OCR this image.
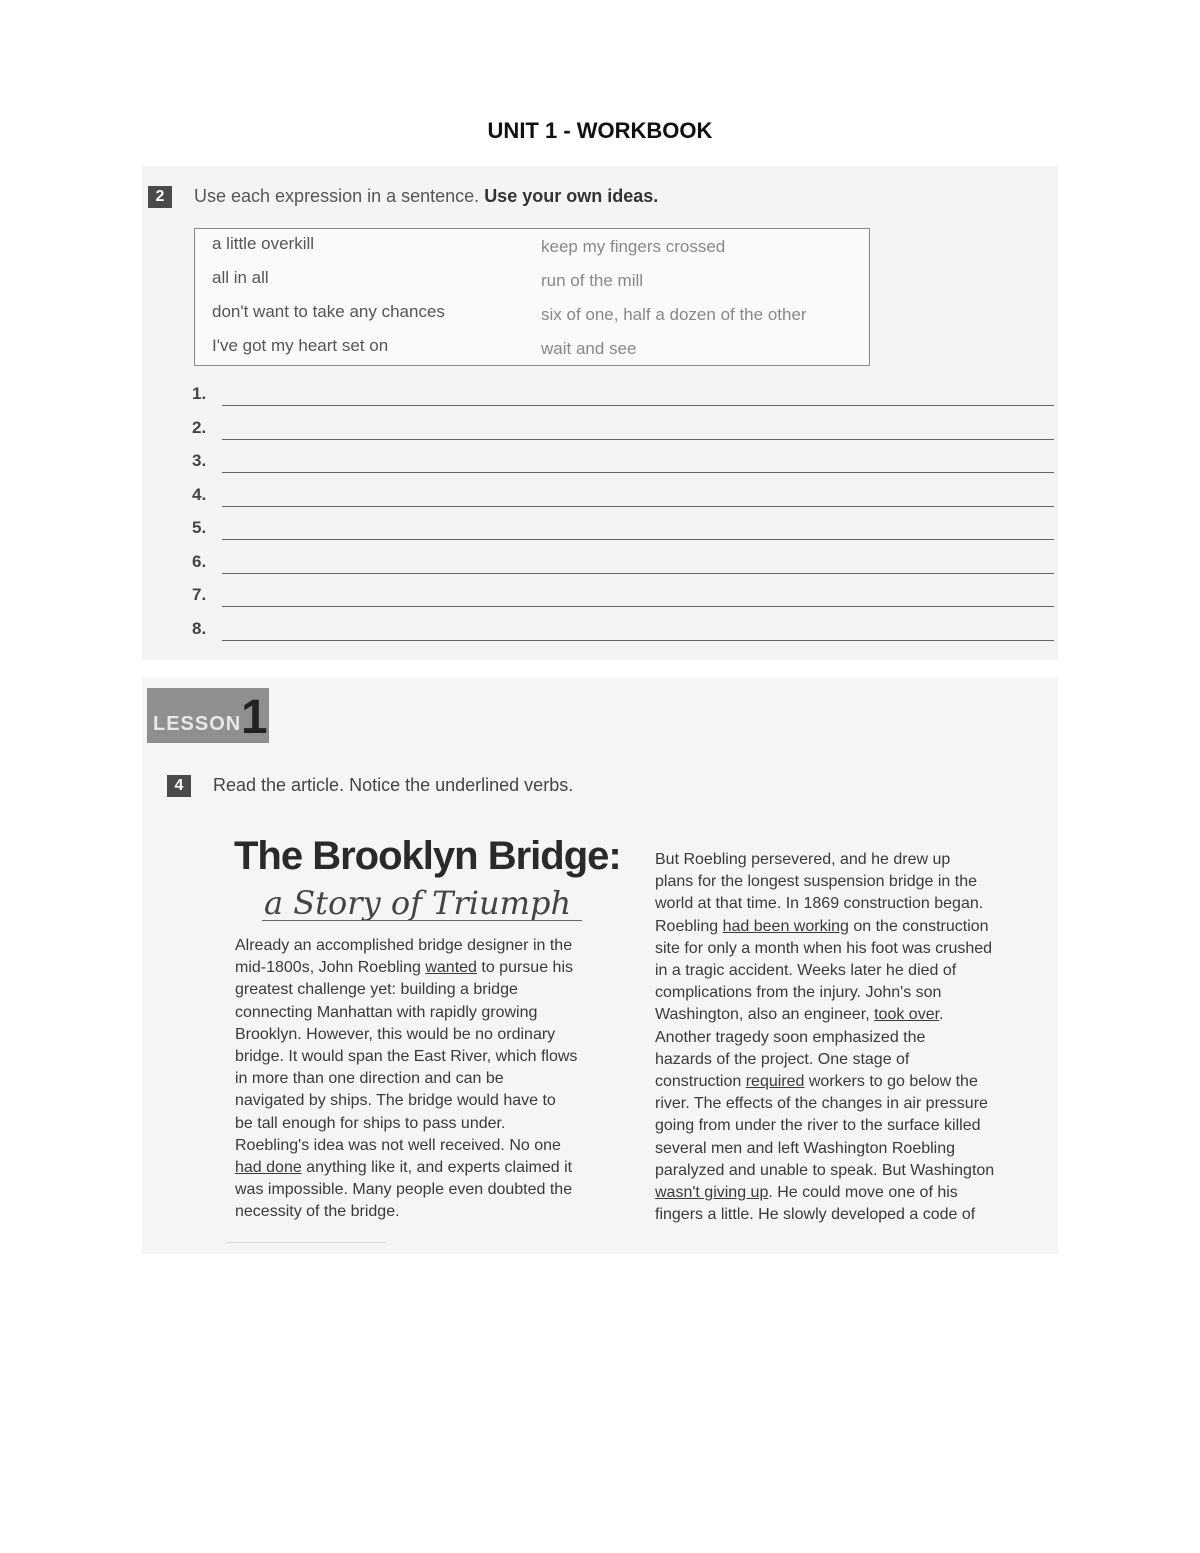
UNIT 1 - WORKBOOK
2	Use each expression in a sentence. Use your own ideas.
a little overkill
all in all
don't want to take any chances
I've got my heart set on
keep my fingers crossed
run of the mill
six of one, half a dozen of the other
wait and see
1.
2.
3.
4.
5.
6.
7.
8.
LESSON 1
4	Read the article. Notice the underlined verbs.
The Brooklyn Bridge:
a Story of Triumph
Already an accomplished bridge designer in the
mid-1800s, John Roebling wanted to pursue his
greatest challenge yet: building a bridge
connecting Manhattan with rapidly growing
Brooklyn. However, this would be no ordinary
bridge. It would span the East River, which flows
in more than one direction and can be
navigated by ships. The bridge would have to
be tall enough for ships to pass under.
Roebling's idea was not well received. No one
had done anything like it, and experts claimed it
was impossible. Many people even doubted the
necessity of the bridge.
But Roebling persevered, and he drew up
plans for the longest suspension bridge in the
world at that time. In 1869 construction began.
Roebling had been working on the construction
site for only a month when his foot was crushed
in a tragic accident. Weeks later he died of
complications from the injury. John's son
Washington, also an engineer, took over.
Another tragedy soon emphasized the
hazards of the project. One stage of
construction required workers to go below the
river. The effects of the changes in air pressure
going from under the river to the surface killed
several men and left Washington Roebling
paralyzed and unable to speak. But Washington
wasn't giving up. He could move one of his
fingers a little. He slowly developed a code of
